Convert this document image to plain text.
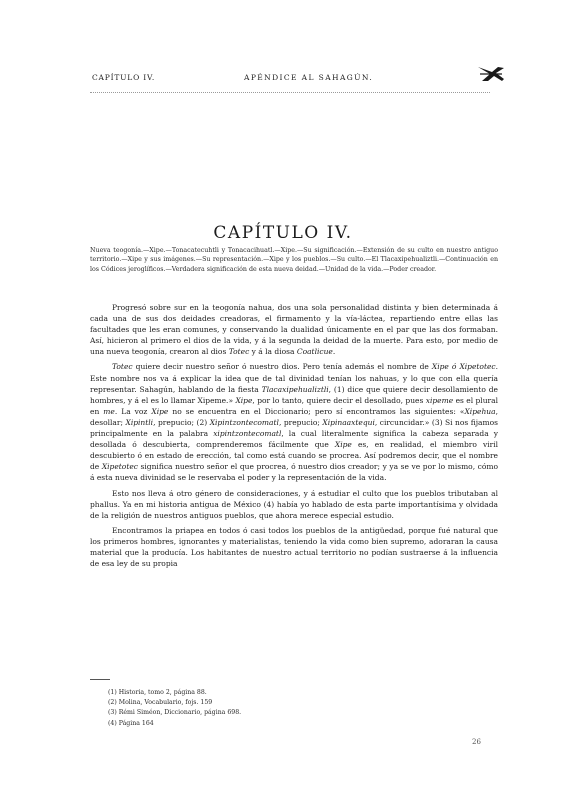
CAPÍTULO IV.	APÉNDICE AL SAHAGÚN.
CAPÍTULO IV.
Nueva teogonía.—Xipe.—Tonacatecuhtli y Tonacacihuatl.—Xipe.—Su significación.—Extensión de su culto en nuestro antiguo territorio.—Xipe y sus imágenes.—Su representación.—Xipe y los pueblos.—Su culto.—El Tlacaxipehualiztli.—Continuación en los Códices jeroglíficos.—Verdadera significación de esta nueva deidad.—Unidad de la vida.—Poder creador.

Progresó sobre sur en la teogonía nahua, dos una sola personalidad distinta y bien determinada á cada una de sus dos deidades creadoras, el firmamento y la vía-láctea, repartiendo entre ellas las facultades que les eran comunes, y conservando la dualidad únicamente en el par que las dos formaban. Así, hicieron al primero el dios de la vida, y á la segunda la deidad de la muerte. Para esto, por medio de una nueva teogonía, crearon al dios Totec y á la diosa Coatlicue.

Totec quiere decir nuestro señor ó nuestro dios. Pero tenía además el nombre de Xipe ó Xipetotec. Este nombre nos va á explicar la idea que de tal divinidad tenían los nahuas, y lo que con ella quería representar. Sahagún, hablando de la fiesta Tlacaxipehualiztli, (1) dice que quiere decir desollamiento de hombres, y á el es lo llamar Xipeme.» Xipe, por lo tanto, quiere decir el desollado, pues xipeme es el plural en me. La voz Xipe no se encuentra en el Diccionario; pero sí encontramos las siguientes: «Xipehua, desollar; Xipintli, prepucio; (2) Xipintzontecomatl, prepucio; Xipinaaxtequi, circuncidar.» (3) Si nos fijamos principalmente en la palabra xipintzontecomatl, la cual literalmente significa la cabeza separada y desollada ó descubierta, comprenderemos fácilmente que Xipe es, en realidad, el miembro viril descubierto ó en estado de erección, tal como está cuando se procrea. Así podremos decir, que el nombre de Xipetotec significa nuestro señor el que procrea, ó nuestro dios creador; y ya se ve por lo mismo, cómo á esta nueva divinidad se le reservaba el poder y la representación de la vida.

Esto nos lleva á otro género de consideraciones, y á estudiar el culto que los pueblos tributaban al phallus. Ya en mi historia antigua de México (4) había yo hablado de esta parte importantísima y olvidada de la religión de nuestros antiguos pueblos, que ahora merece especial estudio.

Encontramos la priapea en todos ó casi todos los pueblos de la antigüedad, porque fué natural que los primeros hombres, ignorantes y materialistas, teniendo la vida como bien supremo, adoraran la causa material que la producía. Los habitantes de nuestro actual territorio no podían sustraerse á la influencia de esa ley de su propia

(1) Historia, tomo 2, página 88.
(2) Molina, Vocabulario, fojs. 159
(3) Rémi Siméon, Diccionario, página 698.
(4) Página 164
26
